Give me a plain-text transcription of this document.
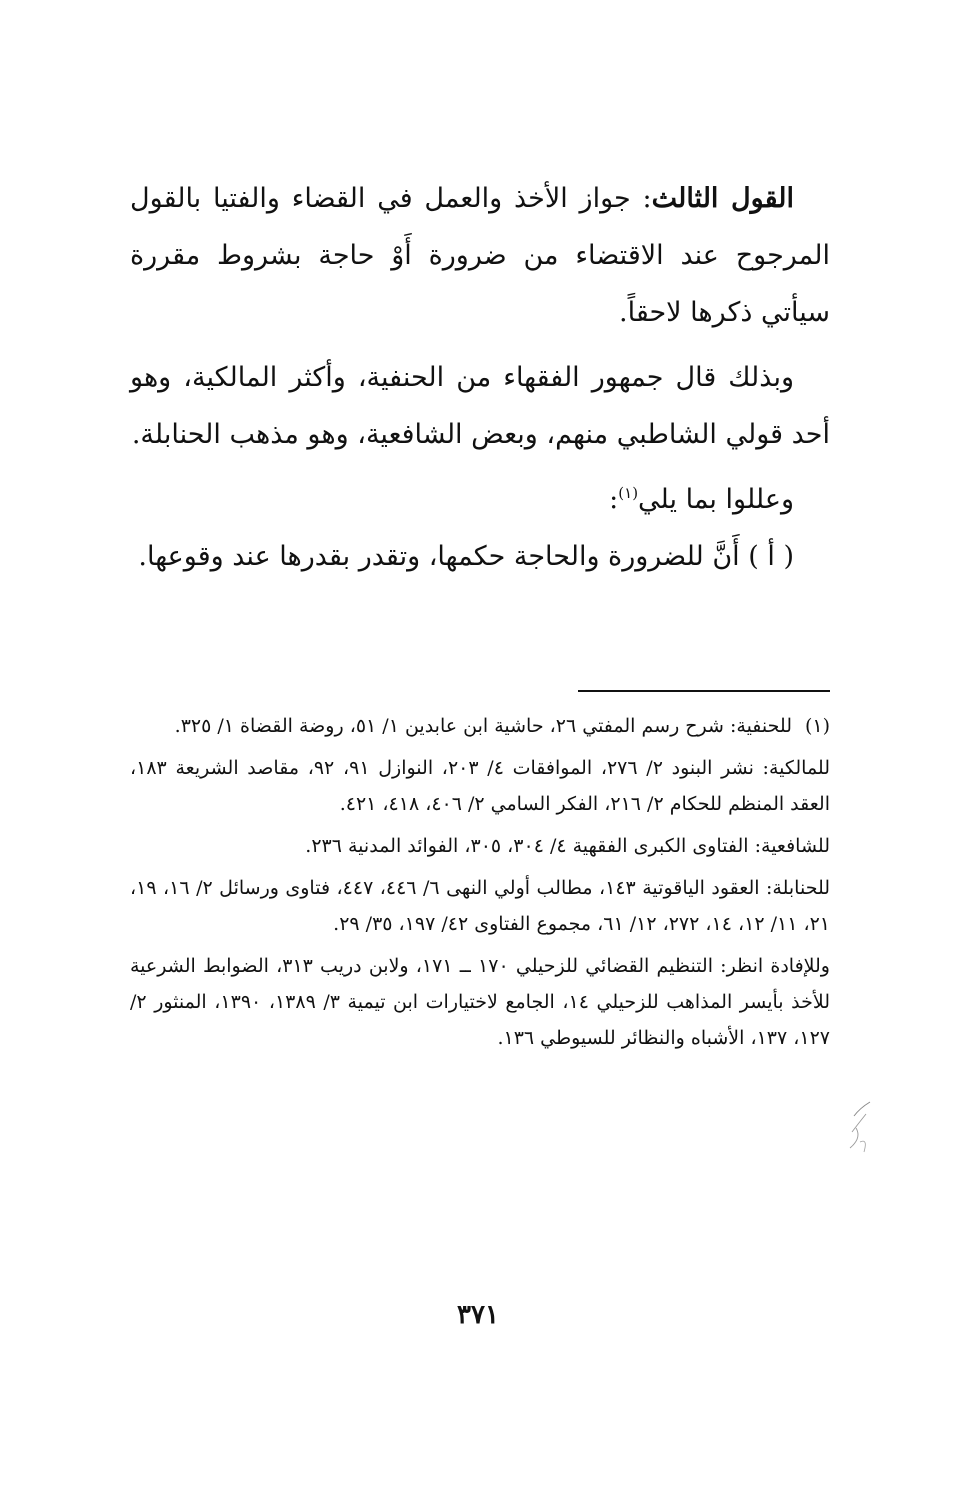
القول الثالث: جواز الأخذ والعمل في القضاء والفتيا بالقول المرجوح عند الاقتضاء من ضرورة أَوْ حاجة بشروط مقررة سيأتي ذكرها لاحقاً.

وبذلك قال جمهور الفقهاء من الحنفية، وأكثر المالكية، وهو أحد قولي الشاطبي منهم، وبعض الشافعية، وهو مذهب الحنابلة.

وعللوا بما يلي$^{(١)}$:

( أ ) أَنَّ للضرورة والحاجة حكمها، وتقدر بقدرها عند وقوعها.

(١)للحنفية: شرح رسم المفتي ٢٦، حاشية ابن عابدين ١/ ٥١، روضة القضاة ١/ ٣٢٥.

للمالكية: نشر البنود ٢/ ٢٧٦، الموافقات ٤/ ٢٠٣، النوازل ٩١، ٩٢، مقاصد الشريعة ١٨٣، العقد المنظم للحكام ٢/ ٢١٦، الفكر السامي ٢/ ٤٠٦، ٤١٨، ٤٢١.

للشافعية: الفتاوى الكبرى الفقهية ٤/ ٣٠٤، ٣٠٥، الفوائد المدنية ٢٣٦.

للحنابلة: العقود الياقوتية ١٤٣، مطالب أولي النهى ٦/ ٤٤٦، ٤٤٧، فتاوى ورسائل ٢/ ١٦، ١٩، ٢١، ١١/ ١٢، ١٤، ٢٧٢، ١٢/ ٦١، مجموع الفتاوى ٤٢/ ١٩٧، ٣٥/ ٢٩.

وللإفادة انظر: التنظيم القضائي للزحيلي ١٧٠ ــ ١٧١، ولابن دريب ٣١٣، الضوابط الشرعية للأخذ بأيسر المذاهب للزحيلي ١٤، الجامع لاختيارات ابن تيمية ٣/ ١٣٨٩، ١٣٩٠، المنثور ٢/ ١٢٧، ١٣٧، الأشباه والنظائر للسيوطي ١٣٦.

٣٧١
